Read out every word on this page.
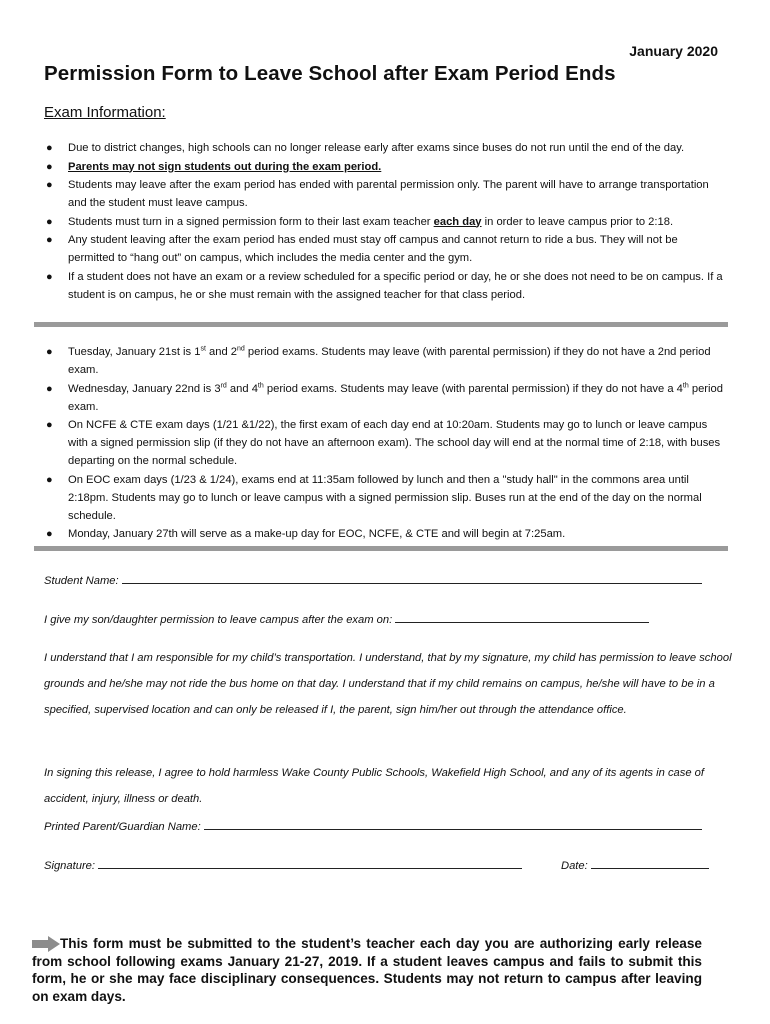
January 2020
Permission Form to Leave School after Exam Period Ends
Exam Information:
● Due to district changes, high schools can no longer release early after exams since buses do not run until the end of the day.
● Parents may not sign students out during the exam period.
● Students may leave after the exam period has ended with parental permission only. The parent will have to arrange transportation and the student must leave campus.
● Students must turn in a signed permission form to their last exam teacher each day in order to leave campus prior to 2:18.
● Any student leaving after the exam period has ended must stay off campus and cannot return to ride a bus. They will not be permitted to “hang out” on campus, which includes the media center and the gym.
● If a student does not have an exam or a review scheduled for a specific period or day, he or she does not need to be on campus. If a student is on campus, he or she must remain with the assigned teacher for that class period.
● Tuesday, January 21st is 1st and 2nd period exams. Students may leave (with parental permission) if they do not have a 2nd period exam.
● Wednesday, January 22nd is 3rd and 4th period exams. Students may leave (with parental permission) if they do not have a 4th period exam.
● On NCFE & CTE exam days (1/21 &1/22), the first exam of each day end at 10:20am. Students may go to lunch or leave campus with a signed permission slip (if they do not have an afternoon exam). The school day will end at the normal time of 2:18, with buses departing on the normal schedule.
● On EOC exam days (1/23 & 1/24), exams end at 11:35am followed by lunch and then a "study hall" in the commons area until 2:18pm. Students may go to lunch or leave campus with a signed permission slip. Buses run at the end of the day on the normal schedule.
● Monday, January 27th will serve as a make-up day for EOC, NCFE, & CTE and will begin at 7:25am.
Student Name:
I give my son/daughter permission to leave campus after the exam on:
I understand that I am responsible for my child’s transportation. I understand, that by my signature, my child has permission to leave school grounds and he/she may not ride the bus home on that day. I understand that if my child remains on campus, he/she will have to be in a specified, supervised location and can only be released if I, the parent, sign him/her out through the attendance office.
In signing this release, I agree to hold harmless Wake County Public Schools, Wakefield High School, and any of its agents in case of accident, injury, illness or death.
Printed Parent/Guardian Name:
Signature:	Date:
This form must be submitted to the student’s teacher each day you are authorizing early release from school following exams January 21-27, 2019. If a student leaves campus and fails to submit this form, he or she may face disciplinary consequences. Students may not return to campus after leaving on exam days.
